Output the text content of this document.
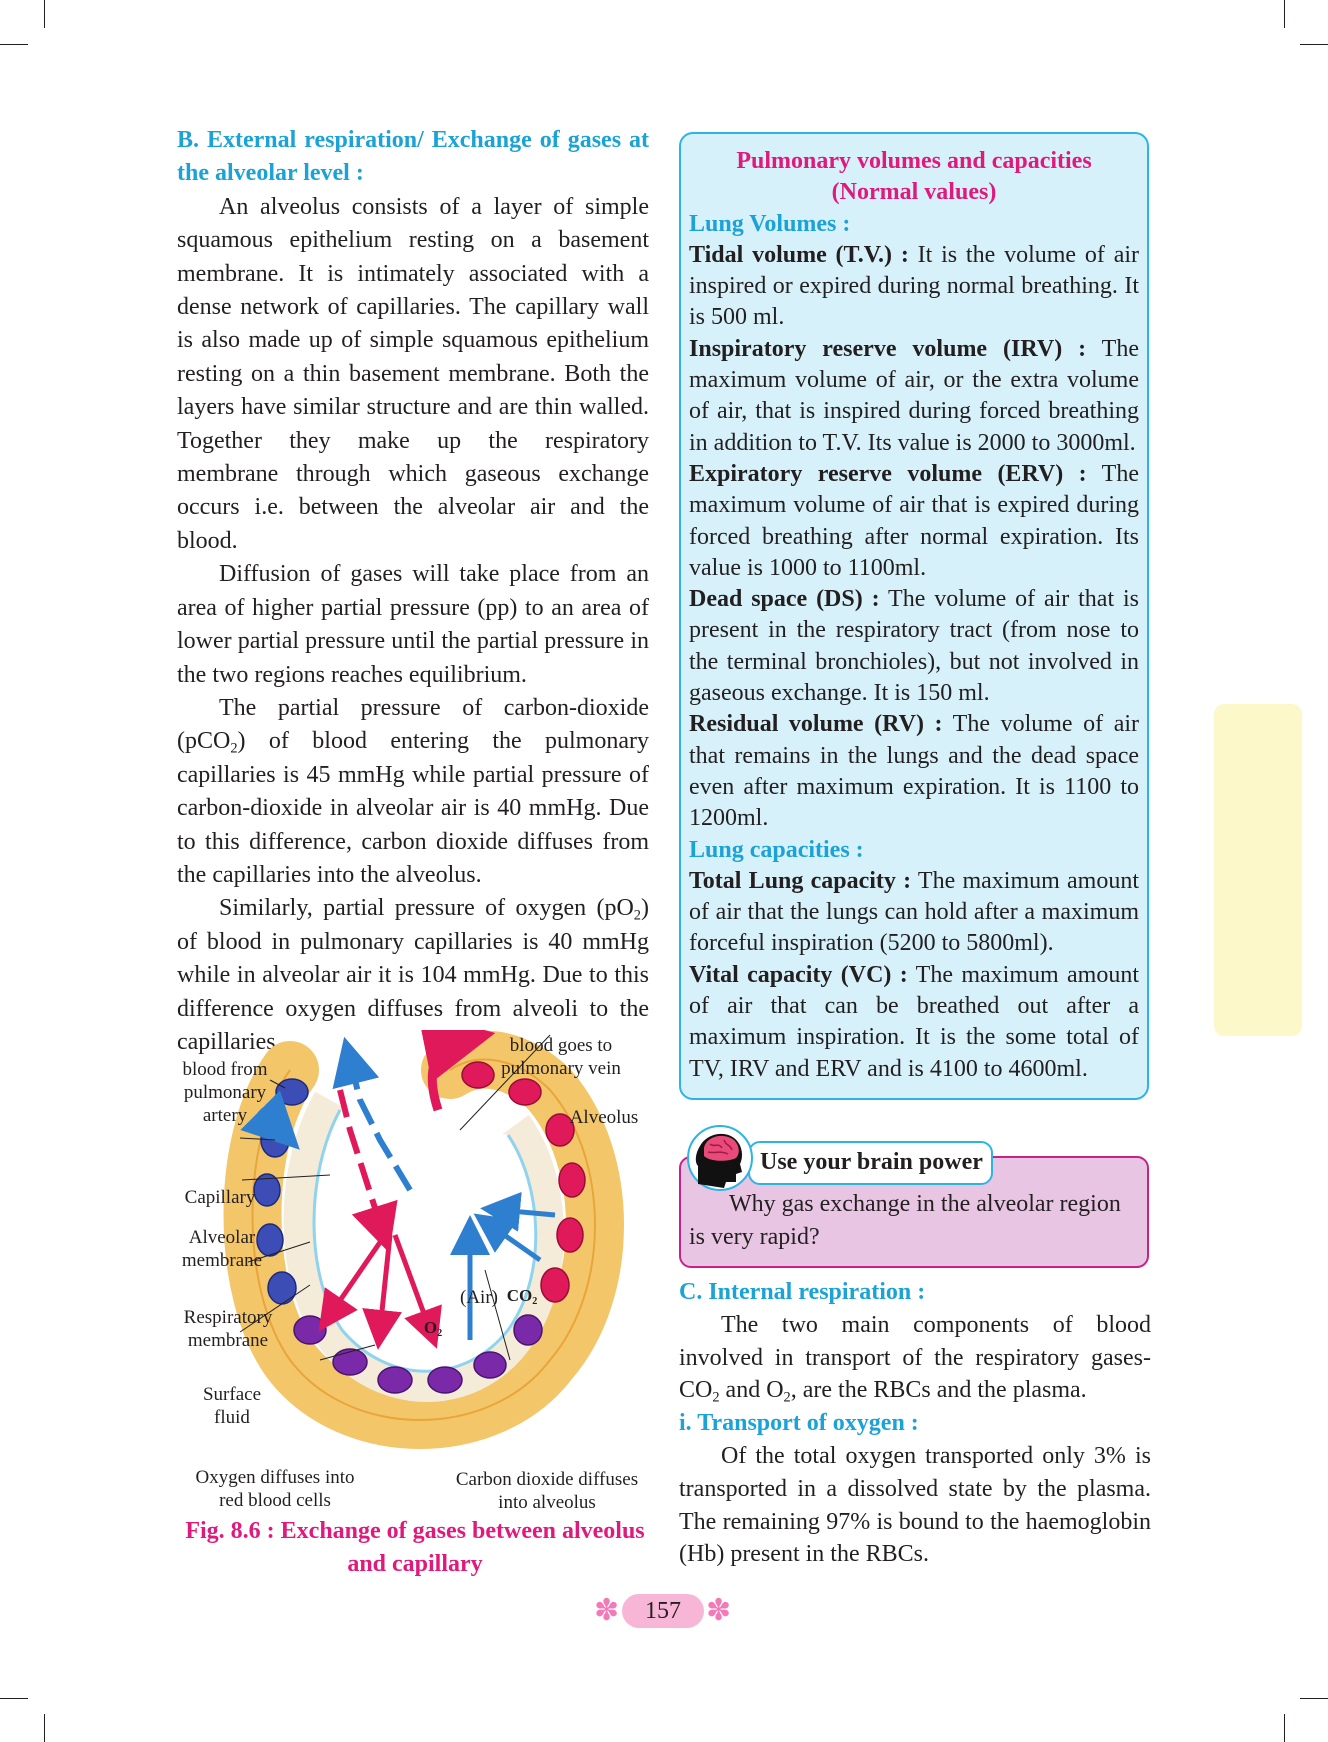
B. External respiration/ Exchange of gases at the alveolar level :

An alveolus consists of a layer of simple squamous epithelium resting on a basement membrane. It is intimately associated with a dense network of capillaries. The capillary wall is also made up of simple squamous epithelium resting on a thin basement membrane. Both the layers have similar structure and are thin walled. Together they make up the respiratory membrane through which gaseous exchange occurs i.e. between the alveolar air and the blood.

Diffusion of gases will take place from an area of higher partial pressure (pp) to an area of lower partial pressure until the partial pressure in the two regions reaches equilibrium.

The partial pressure of carbon-dioxide (pCO$_2$) of blood entering the pulmonary capillaries is 45 mmHg while partial pressure of carbon-dioxide in alveolar air is 40 mmHg. Due to this difference, carbon dioxide diffuses from the capillaries into the alveolus.

Similarly, partial pressure of oxygen $(pO_2)$ of blood in pulmonary capillaries is 40 mmHg while in alveolar air it is 104 mmHg. Due to this difference oxygen diffuses from alveoli to the capillaries.

blood from pulmonary artery
blood goes to pulmonary vein
Alveolus
Capillary
Alveolar membrane
Respiratory membrane
Surface fluid
(Air) $CO_2$
$O_2$
Oxygen diffuses into red blood cells
Carbon dioxide diffuses into alveolus
Fig. 8.6 : Exchange of gases between alveolus and capillary

Pulmonary volumes and capacities (Normal values)

Lung Volumes :

Tidal volume (T.V.) : It is the volume of air inspired or expired during normal breathing. It is 500 ml.

Inspiratory reserve volume (IRV) : The maximum volume of air, or the extra volume of air, that is inspired during forced breathing in addition to T.V. Its value is 2000 to 3000ml.

Expiratory reserve volume (ERV) : The maximum volume of air that is expired during forced breathing after normal expiration. Its value is 1000 to 1100ml.

Dead space (DS) : The volume of air that is present in the respiratory tract (from nose to the terminal bronchioles), but not involved in gaseous exchange. It is 150 ml.

Residual volume (RV) : The volume of air that remains in the lungs and the dead space even after maximum expiration. It is 1100 to 1200ml.

Lung capacities :

Total Lung capacity : The maximum amount of air that the lungs can hold after a maximum forceful inspiration (5200 to 5800ml).

Vital capacity (VC) : The maximum amount of air that can be breathed out after a maximum inspiration. It is the some total of TV, IRV and ERV and is 4100 to 4600ml.

Why gas exchange in the alveolar region is very rapid?

Use your brain power

C. Internal respiration :

The two main components of blood involved in transport of the respiratory gases- $CO_2$ and $O_2$, are the RBCs and the plasma.

i. Transport of oxygen :

Of the total oxygen transported only 3% is transported in a dissolved state by the plasma. The remaining 97% is bound to the haemoglobin (Hb) present in the RBCs.

✽	157 ✽
